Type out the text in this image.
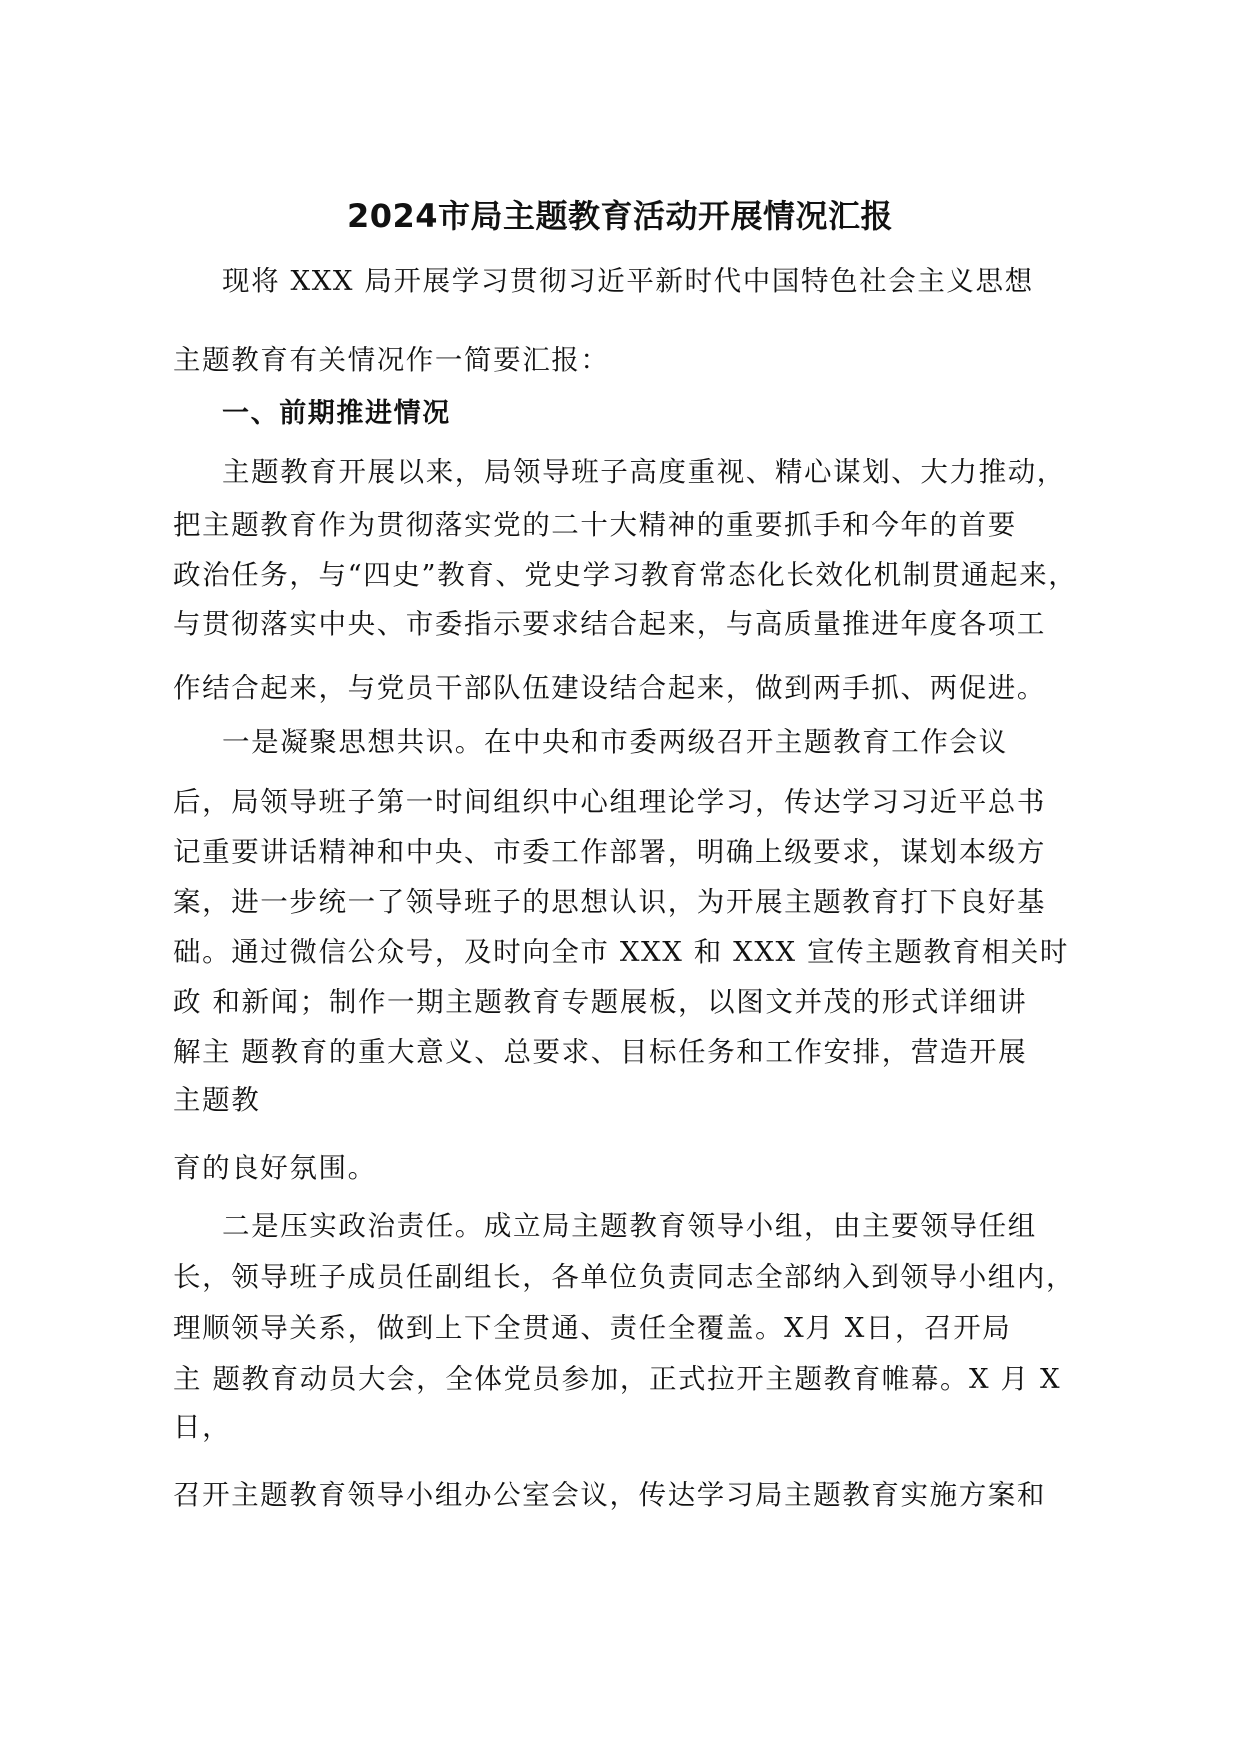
2024市局主题教育活动开展情况汇报
现将 XXX 局开展学习贯彻习近平新时代中国特色社会主义思想
主题教育有关情况作一简要汇报：
一、前期推进情况
主题教育开展以来，局领导班子高度重视、精心谋划、大力推动，
把主题教育作为贯彻落实党的二十大精神的重要抓手和今年的首要
政治任务，与“四史”教育、党史学习教育常态化长效化机制贯通起来，
与贯彻落实中央、市委指示要求结合起来，与高质量推进年度各项工
作结合起来，与党员干部队伍建设结合起来，做到两手抓、两促进。
一是凝聚思想共识。在中央和市委两级召开主题教育工作会议
后，局领导班子第一时间组织中心组理论学习，传达学习习近平总书
记重要讲话精神和中央、市委工作部署，明确上级要求，谋划本级方
案，进一步统一了领导班子的思想认识，为开展主题教育打下良好基
础。通过微信公众号，及时向全市 XXX 和 XXX 宣传主题教育相关时
政 和新闻；制作一期主题教育专题展板，以图文并茂的形式详细讲
解主 题教育的重大意义、总要求、目标任务和工作安排，营造开展
主题教
育的良好氛围。
二是压实政治责任。成立局主题教育领导小组，由主要领导任组
长，领导班子成员任副组长，各单位负责同志全部纳入到领导小组内，
理顺领导关系，做到上下全贯通、责任全覆盖。X月 X日，召开局
主 题教育动员大会，全体党员参加，正式拉开主题教育帷幕。X 月 X
日，
召开主题教育领导小组办公室会议，传达学习局主题教育实施方案和
